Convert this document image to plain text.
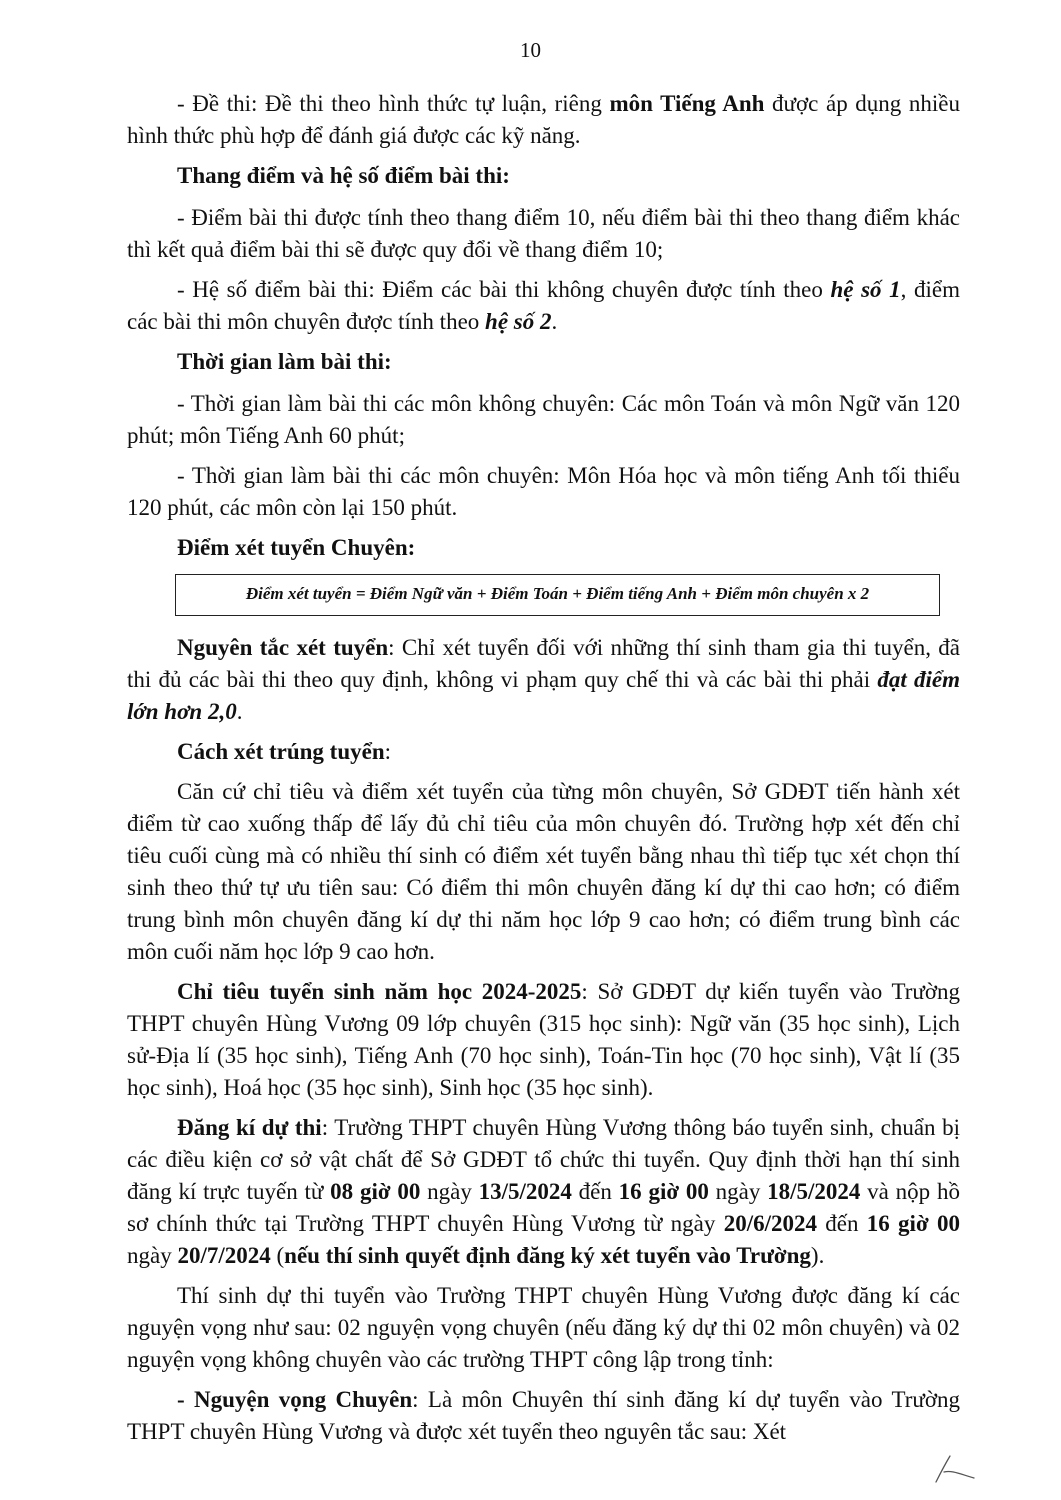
10

- Đề thi: Đề thi theo hình thức tự luận, riêng môn Tiếng Anh được áp dụng nhiều hình thức phù hợp để đánh giá được các kỹ năng.

Thang điểm và hệ số điểm bài thi:

- Điểm bài thi được tính theo thang điểm 10, nếu điểm bài thi theo thang điểm khác thì kết quả điểm bài thi sẽ được quy đổi về thang điểm 10;

- Hệ số điểm bài thi: Điểm các bài thi không chuyên được tính theo hệ số 1, điểm các bài thi môn chuyên được tính theo hệ số 2.

Thời gian làm bài thi:

- Thời gian làm bài thi các môn không chuyên: Các môn Toán và môn Ngữ văn 120 phút; môn Tiếng Anh 60 phút;

- Thời gian làm bài thi các môn chuyên: Môn Hóa học và môn tiếng Anh tối thiểu 120 phút, các môn còn lại 150 phút.

Điểm xét tuyển Chuyên:

Điểm xét tuyển = Điểm Ngữ văn + Điểm Toán + Điểm tiếng Anh + Điểm môn chuyên x 2

Nguyên tắc xét tuyển: Chỉ xét tuyển đối với những thí sinh tham gia thi tuyển, đã thi đủ các bài thi theo quy định, không vi phạm quy chế thi và các bài thi phải đạt điểm lớn hơn 2,0.

Cách xét trúng tuyển:

Căn cứ chỉ tiêu và điểm xét tuyển của từng môn chuyên, Sở GDĐT tiến hành xét điểm từ cao xuống thấp để lấy đủ chỉ tiêu của môn chuyên đó. Trường hợp xét đến chỉ tiêu cuối cùng mà có nhiều thí sinh có điểm xét tuyển bằng nhau thì tiếp tục xét chọn thí sinh theo thứ tự ưu tiên sau: Có điểm thi môn chuyên đăng kí dự thi cao hơn; có điểm trung bình môn chuyên đăng kí dự thi năm học lớp 9 cao hơn; có điểm trung bình các môn cuối năm học lớp 9 cao hơn.

Chỉ tiêu tuyển sinh năm học 2024-2025: Sở GDĐT dự kiến tuyển vào Trường THPT chuyên Hùng Vương 09 lớp chuyên (315 học sinh): Ngữ văn (35 học sinh), Lịch sử-Địa lí (35 học sinh), Tiếng Anh (70 học sinh), Toán-Tin học (70 học sinh), Vật lí (35 học sinh), Hoá học (35 học sinh), Sinh học (35 học sinh).

Đăng kí dự thi: Trường THPT chuyên Hùng Vương thông báo tuyển sinh, chuẩn bị các điều kiện cơ sở vật chất để Sở GDĐT tổ chức thi tuyển. Quy định thời hạn thí sinh đăng kí trực tuyến từ 08 giờ 00 ngày 13/5/2024 đến 16 giờ 00 ngày 18/5/2024 và nộp hồ sơ chính thức tại Trường THPT chuyên Hùng Vương từ ngày 20/6/2024 đến 16 giờ 00 ngày 20/7/2024 (nếu thí sinh quyết định đăng ký xét tuyển vào Trường).

Thí sinh dự thi tuyển vào Trường THPT chuyên Hùng Vương được đăng kí các nguyện vọng như sau: 02 nguyện vọng chuyên (nếu đăng ký dự thi 02 môn chuyên) và 02 nguyện vọng không chuyên vào các trường THPT công lập trong tỉnh:

- Nguyện vọng Chuyên: Là môn Chuyên thí sinh đăng kí dự tuyển vào Trường THPT chuyên Hùng Vương và được xét tuyển theo nguyên tắc sau: Xét
